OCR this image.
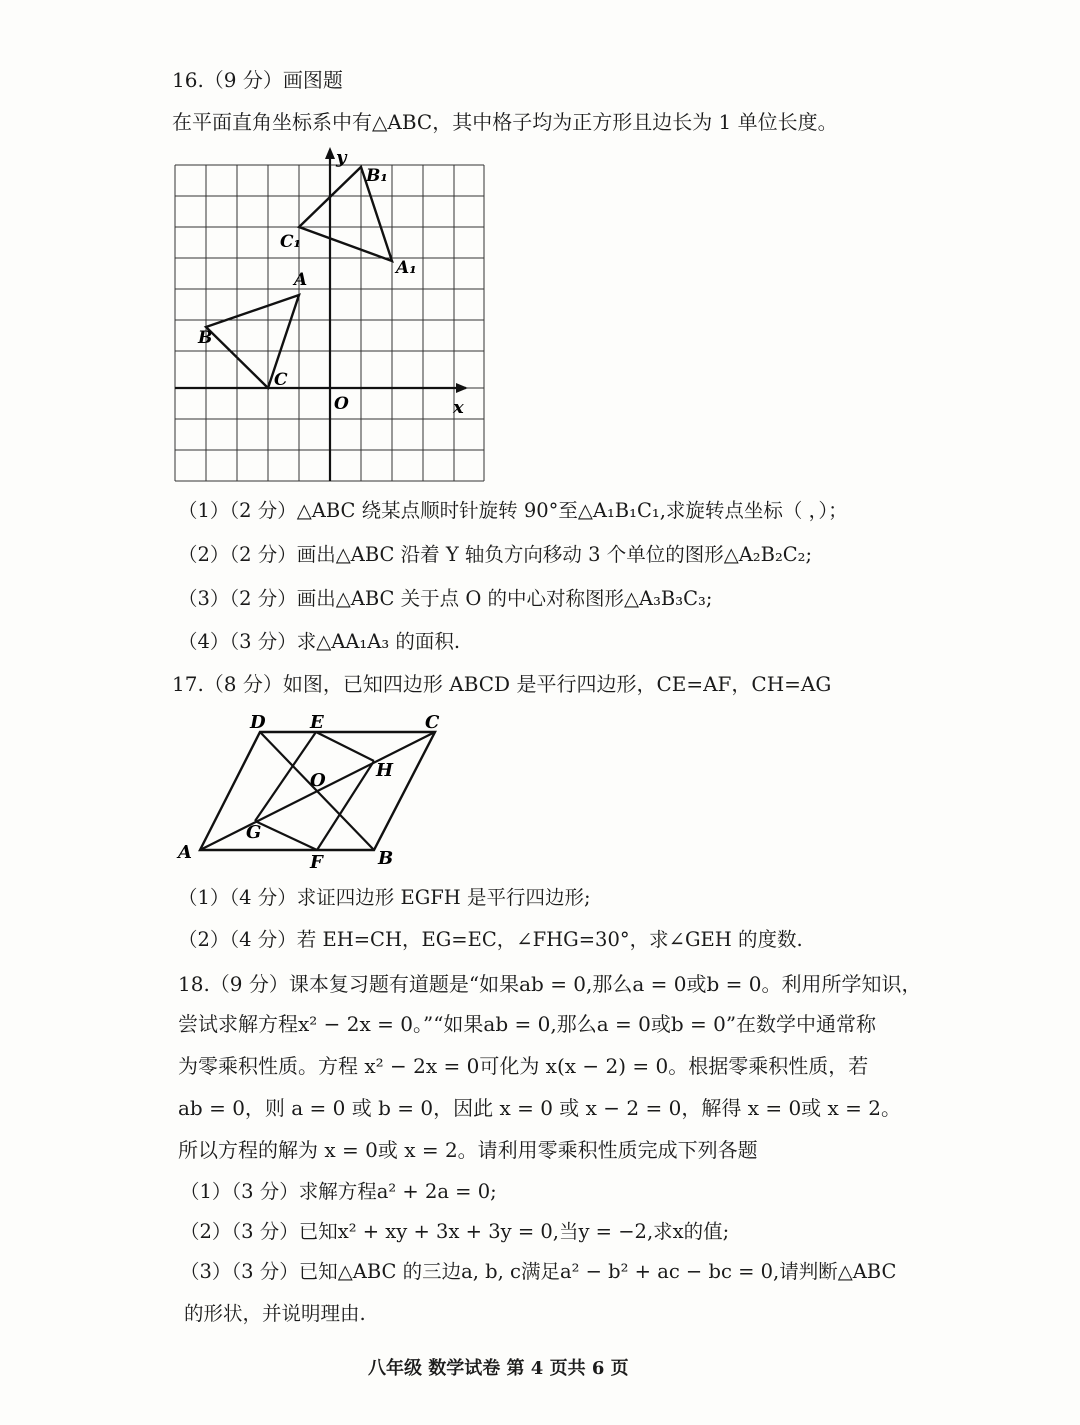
16.（9 分）画图题
在平面直角坐标系中有△ABC，其中格子均为正方形且边长为 1 单位长度。
y
x
O
A
B
C
A₁
B₁
C₁
（1）（2 分）△ABC 绕某点顺时针旋转 90°至△A₁B₁C₁,求旋转点坐标（ ，）；
（2）（2 分）画出△ABC 沿着 Y 轴负方向移动 3 个单位的图形△A₂B₂C₂;
（3）（2 分）画出△ABC 关于点 O 的中心对称图形△A₃B₃C₃;
（4）（3 分）求△AA₁A₃ 的面积.
17.（8 分）如图，已知四边形 ABCD 是平行四边形，CE=AF，CH=AG
A	B
C
D E
F
G
H
O
（1）（4 分）求证四边形 EGFH 是平行四边形;
（2）（4 分）若 EH=CH，EG=EC，∠FHG=30°，求∠GEH 的度数.
18.（9 分）课本复习题有道题是“如果ab = 0,那么a = 0或b = 0。利用所学知识，
尝试求解方程x² − 2x = 0。”“如果ab = 0,那么a = 0或b = 0”在数学中通常称
为零乘积性质。方程 x² − 2x = 0可化为 x(x − 2) = 0。根据零乘积性质，若
ab = 0，则 a = 0 或 b = 0，因此 x = 0 或 x − 2 = 0，解得 x = 0或 x = 2。
所以方程的解为 x = 0或 x = 2。请利用零乘积性质完成下列各题
（1）（3 分）求解方程a² + 2a = 0;
（2）（3 分）已知x² + xy + 3x + 3y = 0,当y = −2,求x的值;
（3）（3 分）已知△ABC 的三边a, b, c满足a² − b² + ac − bc = 0,请判断△ABC
的形状，并说明理由.
八年级 数学试卷 第 4 页共 6 页
